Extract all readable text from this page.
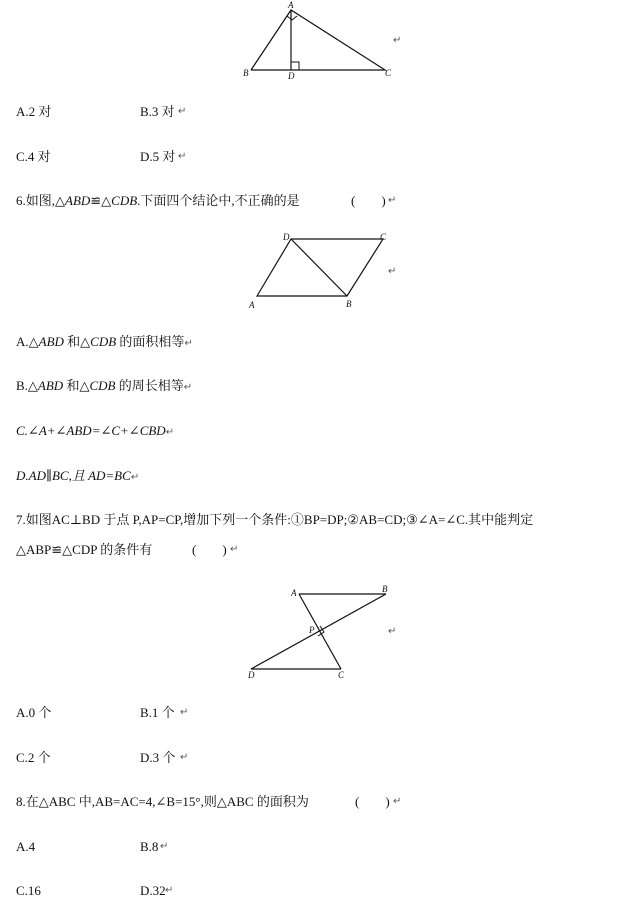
A
B	D	C
↵
A.2 对	B.3 对 ↵
C.4 对	D.5 对 ↵
6.如图,△ABD≌△CDB.下面四个结论中,不正确的是	(　　) ↵
D	C
A	B
↵
A.△ABD 和△CDB 的面积相等↵
B.△ABD 和△CDB 的周长相等↵
C.∠A+∠ABD=∠C+∠CBD↵
D.AD∥BC,且 AD=BC↵
7.如图AC⊥BD 于点 P,AP=CP,增加下列一个条件:①BP=DP;②AB=CD;③∠A=∠C.其中能判定
△ABP≌△CDP 的条件有	(　　) ↵
A	B
P
D	C
↵
A.0 个	B.1 个 ↵
C.2 个	D.3 个 ↵
8.在△ABC 中,AB=AC=4,∠B=15°,则△ABC 的面积为	(　　) ↵
A.4	B.8 ↵
C.16	D.32 ↵
